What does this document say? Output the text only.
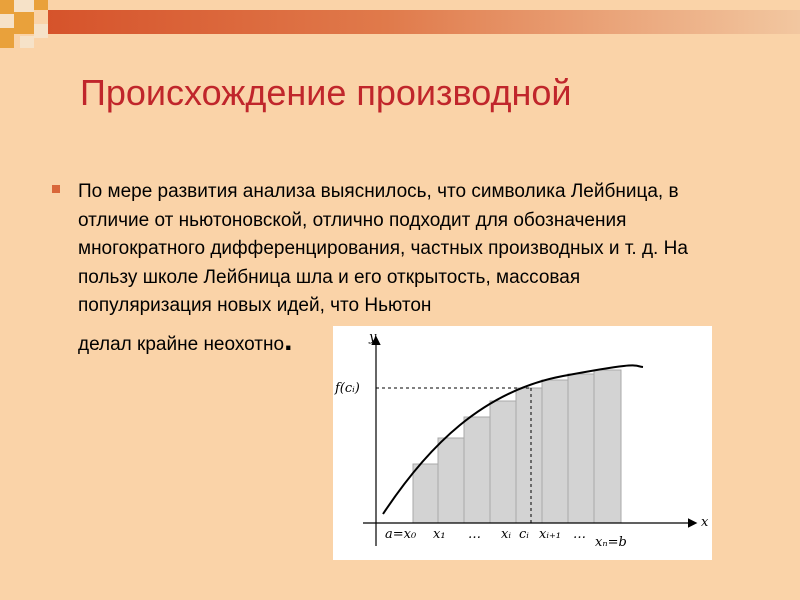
Происхождение производной
По мере развития анализа выяснилось, что символика Лейбница, в отличие от ньютоновской, отлично подходит для обозначения многократного дифференцирования, частных производных и т. д. На пользу школе Лейбница шла и его открытость, массовая популяризация новых идей, что Ньютон
делал крайне неохотно.	y
x
f(cᵢ)
a=x₀ x₁ … xᵢ cᵢ xᵢ₊₁ …
xₙ=b
